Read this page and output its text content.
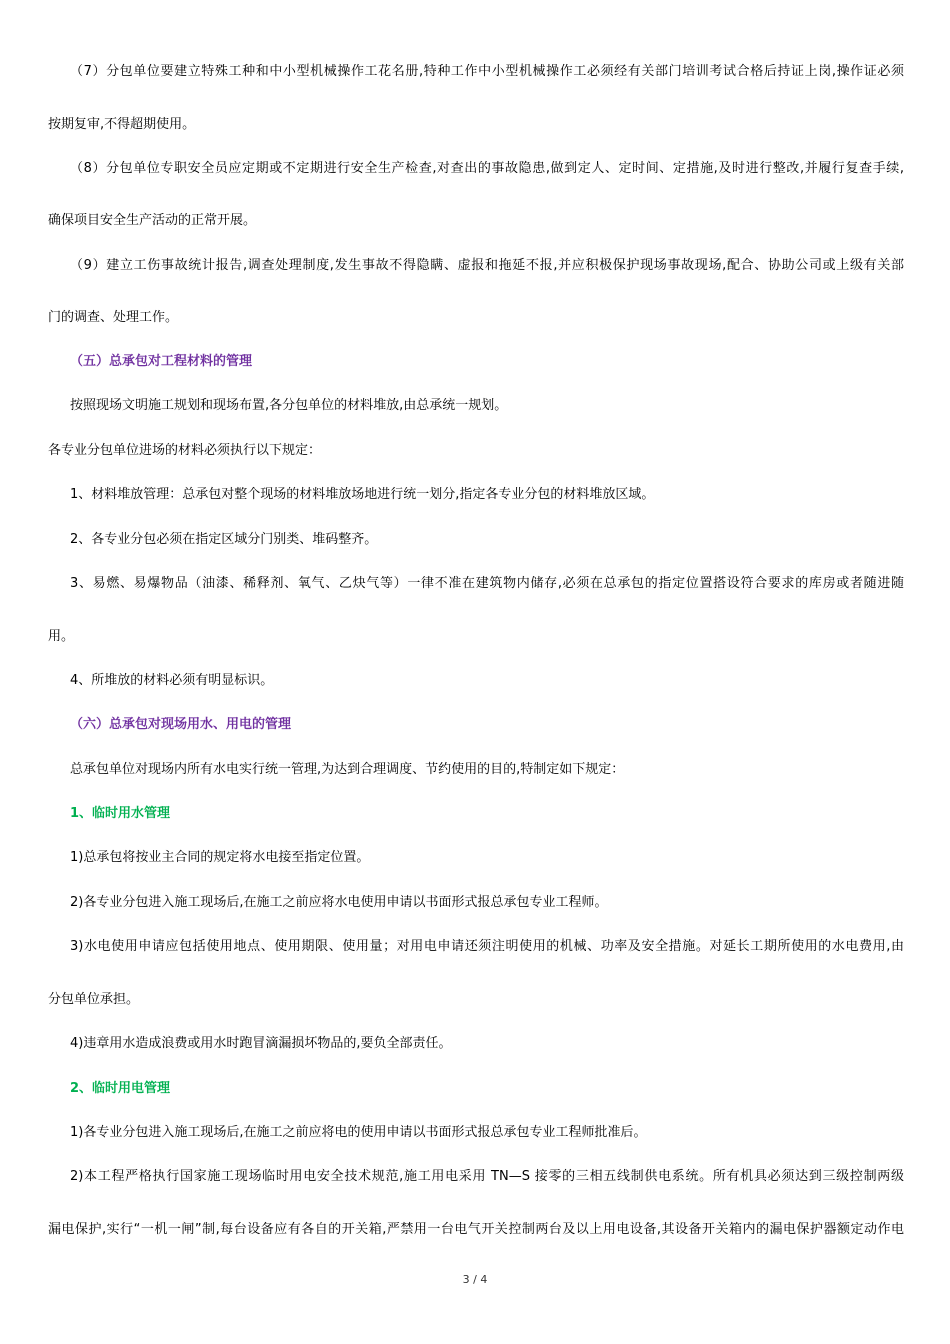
（7）分包单位要建立特殊工种和中小型机械操作工花名册,特种工作中小型机械操作工必须经有关部门培训考试合格后持证上岗,操作证必须
按期复审,不得超期使用。
（8）分包单位专职安全员应定期或不定期进行安全生产检查,对查出的事故隐患,做到定人、定时间、定措施,及时进行整改,并履行复查手续,
确保项目安全生产活动的正常开展。
（9）建立工伤事故统计报告,调查处理制度,发生事故不得隐瞒、虚报和拖延不报,并应积极保护现场事故现场,配合、协助公司或上级有关部
门的调查、处理工作。
（五）总承包对工程材料的管理
按照现场文明施工规划和现场布置,各分包单位的材料堆放,由总承统一规划。
各专业分包单位进场的材料必须执行以下规定：
1、材料堆放管理：总承包对整个现场的材料堆放场地进行统一划分,指定各专业分包的材料堆放区域。
2、各专业分包必须在指定区域分门别类、堆码整齐。
3、易燃、易爆物品（油漆、稀释剂、氧气、乙炔气等）一律不准在建筑物内储存,必须在总承包的指定位置搭设符合要求的库房或者随进随
用。
4、所堆放的材料必须有明显标识。
（六）总承包对现场用水、用电的管理
总承包单位对现场内所有水电实行统一管理,为达到合理调度、节约使用的目的,特制定如下规定：
1、临时用水管理
1)总承包将按业主合同的规定将水电接至指定位置。
2)各专业分包进入施工现场后,在施工之前应将水电使用申请以书面形式报总承包专业工程师。
3)水电使用申请应包括使用地点、使用期限、使用量；对用电申请还须注明使用的机械、功率及安全措施。对延长工期所使用的水电费用,由
分包单位承担。
4)违章用水造成浪费或用水时跑冒滴漏损坏物品的,要负全部责任。
2、临时用电管理
1)各专业分包进入施工现场后,在施工之前应将电的使用申请以书面形式报总承包专业工程师批准后。
2)本工程严格执行国家施工现场临时用电安全技术规范,施工用电采用 TN—S 接零的三相五线制供电系统。所有机具必须达到三级控制两级
漏电保护,实行“一机一闸”制,每台设备应有各自的开关箱,严禁用一台电气开关控制两台及以上用电设备,其设备开关箱内的漏电保护器额定动作电
3 / 4
